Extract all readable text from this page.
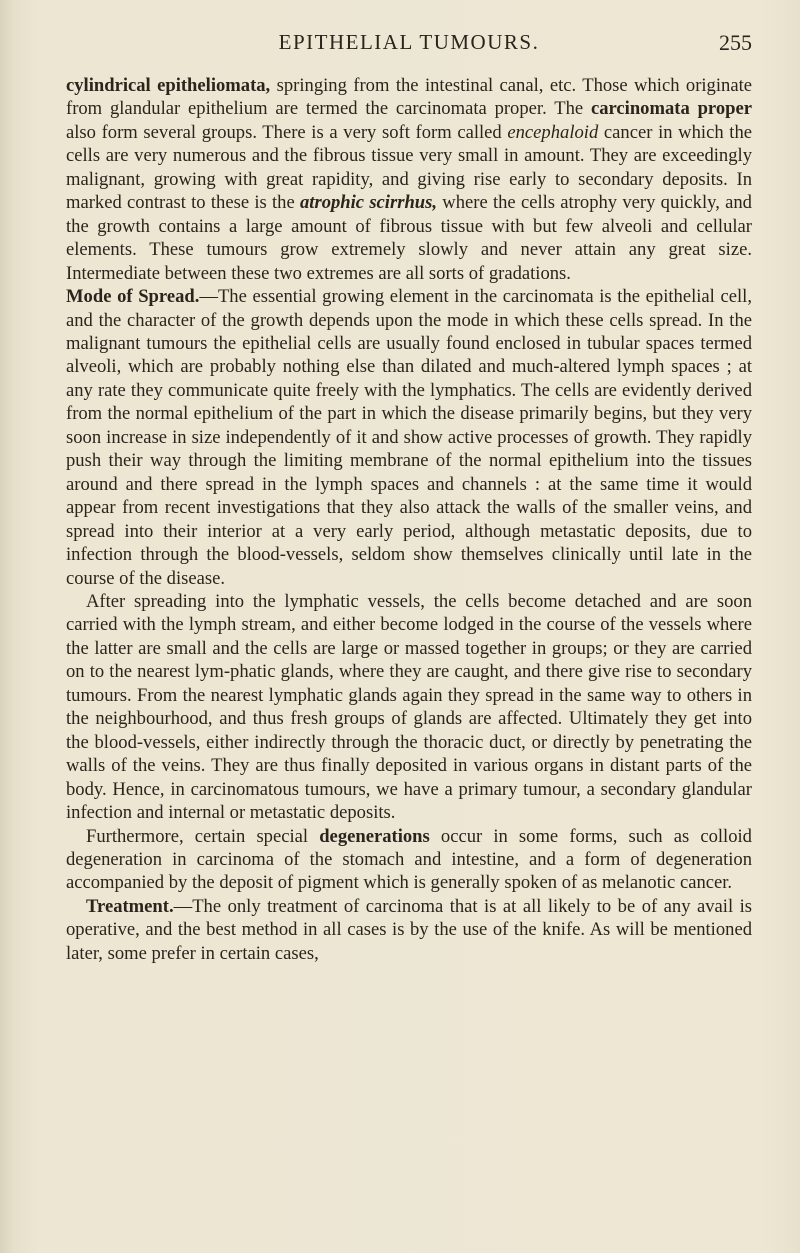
EPITHELIAL TUMOURS.	255

cylindrical epitheliomata, springing from the intestinal canal, etc. Those which originate from glandular epithelium are termed the carcinomata proper. The carcinomata proper also form several groups. There is a very soft form called encephaloid cancer in which the cells are very numerous and the fibrous tissue very small in amount. They are exceedingly malignant, growing with great rapidity, and giving rise early to secondary deposits. In marked contrast to these is the atrophic scirrhus, where the cells atrophy very quickly, and the growth contains a large amount of fibrous tissue with but few alveoli and cellular elements. These tumours grow extremely slowly and never attain any great size. Intermediate between these two extremes are all sorts of gradations.

Mode of Spread.—The essential growing element in the carcinomata is the epithelial cell, and the character of the growth depends upon the mode in which these cells spread. In the malignant tumours the epithelial cells are usually found enclosed in tubular spaces termed alveoli, which are probably nothing else than dilated and much-altered lymph spaces ; at any rate they communicate quite freely with the lymphatics. The cells are evidently derived from the normal epithelium of the part in which the disease primarily begins, but they very soon increase in size independently of it and show active processes of growth. They rapidly push their way through the limiting membrane of the normal epithelium into the tissues around and there spread in the lymph spaces and channels : at the same time it would appear from recent investigations that they also attack the walls of the smaller veins, and spread into their interior at a very early period, although metastatic deposits, due to infection through the blood-vessels, seldom show themselves clinically until late in the course of the disease.

After spreading into the lymphatic vessels, the cells become detached and are soon carried with the lymph stream, and either become lodged in the course of the vessels where the latter are small and the cells are large or massed together in groups; or they are carried on to the nearest lym-phatic glands, where they are caught, and there give rise to secondary tumours. From the nearest lymphatic glands again they spread in the same way to others in the neighbourhood, and thus fresh groups of glands are affected. Ultimately they get into the blood-vessels, either indirectly through the thoracic duct, or directly by penetrating the walls of the veins. They are thus finally deposited in various organs in distant parts of the body. Hence, in carcinomatous tumours, we have a primary tumour, a secondary glandular infection and internal or metastatic deposits.

Furthermore, certain special degenerations occur in some forms, such as colloid degeneration in carcinoma of the stomach and intestine, and a form of degeneration accompanied by the deposit of pigment which is generally spoken of as melanotic cancer.

Treatment.—The only treatment of carcinoma that is at all likely to be of any avail is operative, and the best method in all cases is by the use of the knife. As will be mentioned later, some prefer in certain cases,
